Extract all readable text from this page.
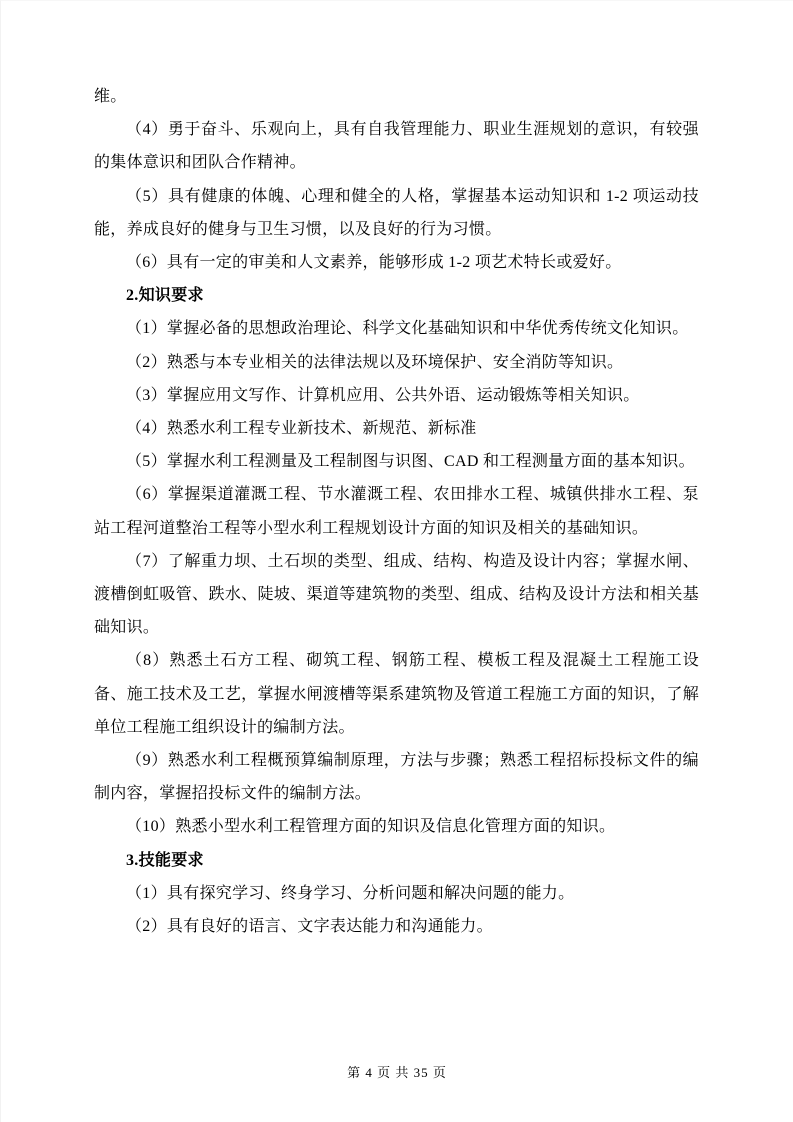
维。

（4）勇于奋斗、乐观向上，具有自我管理能力、职业生涯规划的意识，有较强的集体意识和团队合作精神。

（5）具有健康的体魄、心理和健全的人格，掌握基本运动知识和 1-2 项运动技能，养成良好的健身与卫生习惯，以及良好的行为习惯。

（6）具有一定的审美和人文素养，能够形成 1-2 项艺术特长或爱好。

2.知识要求

（1）掌握必备的思想政治理论、科学文化基础知识和中华优秀传统文化知识。

（2）熟悉与本专业相关的法律法规以及环境保护、安全消防等知识。

（3）掌握应用文写作、计算机应用、公共外语、运动锻炼等相关知识。

（4）熟悉水利工程专业新技术、新规范、新标准

（5）掌握水利工程测量及工程制图与识图、CAD 和工程测量方面的基本知识。

（6）掌握渠道灌溉工程、节水灌溉工程、农田排水工程、城镇供排水工程、泵站工程河道整治工程等小型水利工程规划设计方面的知识及相关的基础知识。

（7）了解重力坝、土石坝的类型、组成、结构、构造及设计内容；掌握水闸、渡槽倒虹吸管、跌水、陡坡、渠道等建筑物的类型、组成、结构及设计方法和相关基础知识。

（8）熟悉土石方工程、砌筑工程、钢筋工程、模板工程及混凝土工程施工设备、施工技术及工艺，掌握水闸渡槽等渠系建筑物及管道工程施工方面的知识，了解单位工程施工组织设计的编制方法。

（9）熟悉水利工程概预算编制原理，方法与步骤；熟悉工程招标投标文件的编制内容，掌握招投标文件的编制方法。

（10）熟悉小型水利工程管理方面的知识及信息化管理方面的知识。

3.技能要求

（1）具有探究学习、终身学习、分析问题和解决问题的能力。

（2）具有良好的语言、文字表达能力和沟通能力。

第 4 页 共 35 页
